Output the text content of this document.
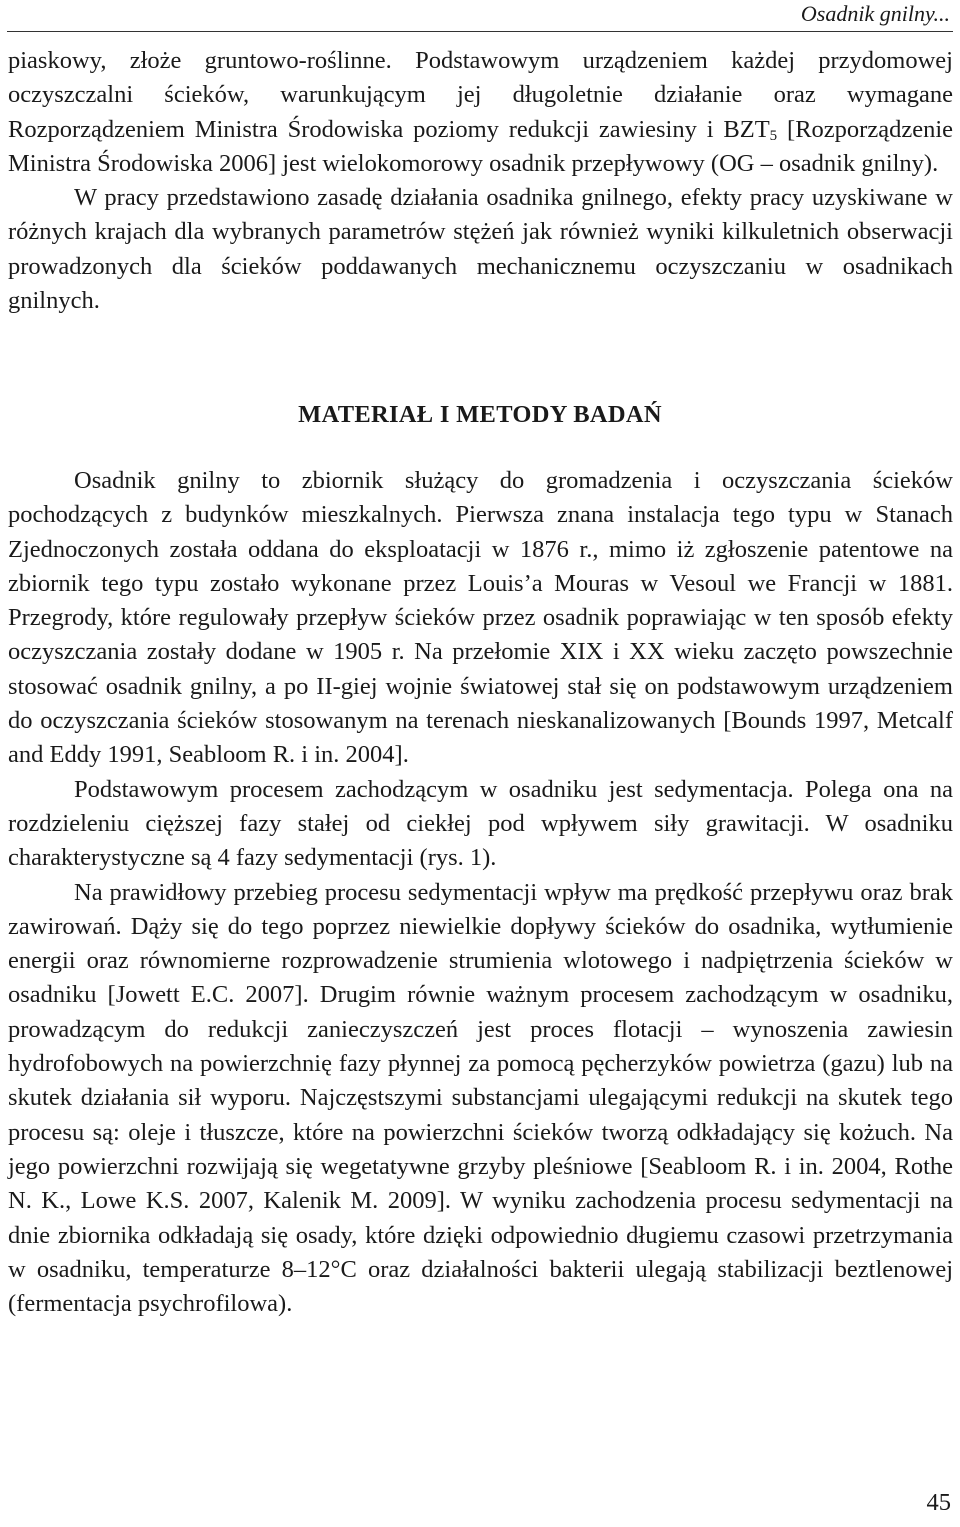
Osadnik gnilny...

piaskowy, złoże gruntowo-roślinne. Podstawowym urządzeniem każdej przydomowej oczyszczalni ścieków, warunkującym jej długoletnie działanie oraz wymagane Rozporządzeniem Ministra Środowiska poziomy redukcji zawiesiny i $BZT_5$ [Rozporządzenie Ministra Środowiska 2006] jest wielokomorowy osadnik przepływowy (OG – osadnik gnilny).

W pracy przedstawiono zasadę działania osadnika gnilnego, efekty pracy uzyskiwane w różnych krajach dla wybranych parametrów stężeń jak również wyniki kilkuletnich obserwacji prowadzonych dla ścieków poddawanych mechanicznemu oczyszczaniu w osadnikach gnilnych.

MATERIAŁ I METODY BADAŃ

Osadnik gnilny to zbiornik służący do gromadzenia i oczyszczania ścieków pochodzących z budynków mieszkalnych. Pierwsza znana instalacja tego typu w Stanach Zjednoczonych została oddana do eksploatacji w 1876 r., mimo iż zgłoszenie patentowe na zbiornik tego typu zostało wykonane przez Louis’a Mouras w Vesoul we Francji w 1881. Przegrody, które regulowały przepływ ścieków przez osadnik poprawiając w ten sposób efekty oczyszczania zostały dodane w 1905 r. Na przełomie XIX i XX wieku zaczęto powszechnie stosować osadnik gnilny, a po II-giej wojnie światowej stał się on podstawowym urządzeniem do oczyszczania ścieków stosowanym na terenach nieskanalizowanych [Bounds 1997, Metcalf and Eddy 1991, Seabloom R. i in. 2004].

Podstawowym procesem zachodzącym w osadniku jest sedymentacja. Polega ona na rozdzieleniu cięższej fazy stałej od ciekłej pod wpływem siły grawitacji. W osadniku charakterystyczne są 4 fazy sedymentacji (rys. 1).

Na prawidłowy przebieg procesu sedymentacji wpływ ma prędkość przepływu oraz brak zawirowań. Dąży się do tego poprzez niewielkie dopływy ścieków do osadnika, wytłumienie energii oraz równomierne rozprowadzenie strumienia wlotowego i nadpiętrzenia ścieków w osadniku [Jowett E.C. 2007]. Drugim równie ważnym procesem zachodzącym w osadniku, prowadzącym do redukcji zanieczyszczeń jest proces flotacji – wynoszenia zawiesin hydrofobowych na powierzchnię fazy płynnej za pomocą pęcherzyków powietrza (gazu) lub na skutek działania sił wyporu. Najczęstszymi substancjami ulegającymi redukcji na skutek tego procesu są: oleje i tłuszcze, które na powierzchni ścieków tworzą odkładający się kożuch. Na jego powierzchni rozwijają się wegetatywne grzyby pleśniowe [Seabloom R. i in. 2004, Rothe N. K., Lowe K.S. 2007, Kalenik M. 2009]. W wyniku zachodzenia procesu sedymentacji na dnie zbiornika odkładają się osady, które dzięki odpowiednio długiemu czasowi przetrzymania w osadniku, temperaturze 8–12°C oraz działalności bakterii ulegają stabilizacji beztlenowej (fermentacja psychrofilowa).

45
